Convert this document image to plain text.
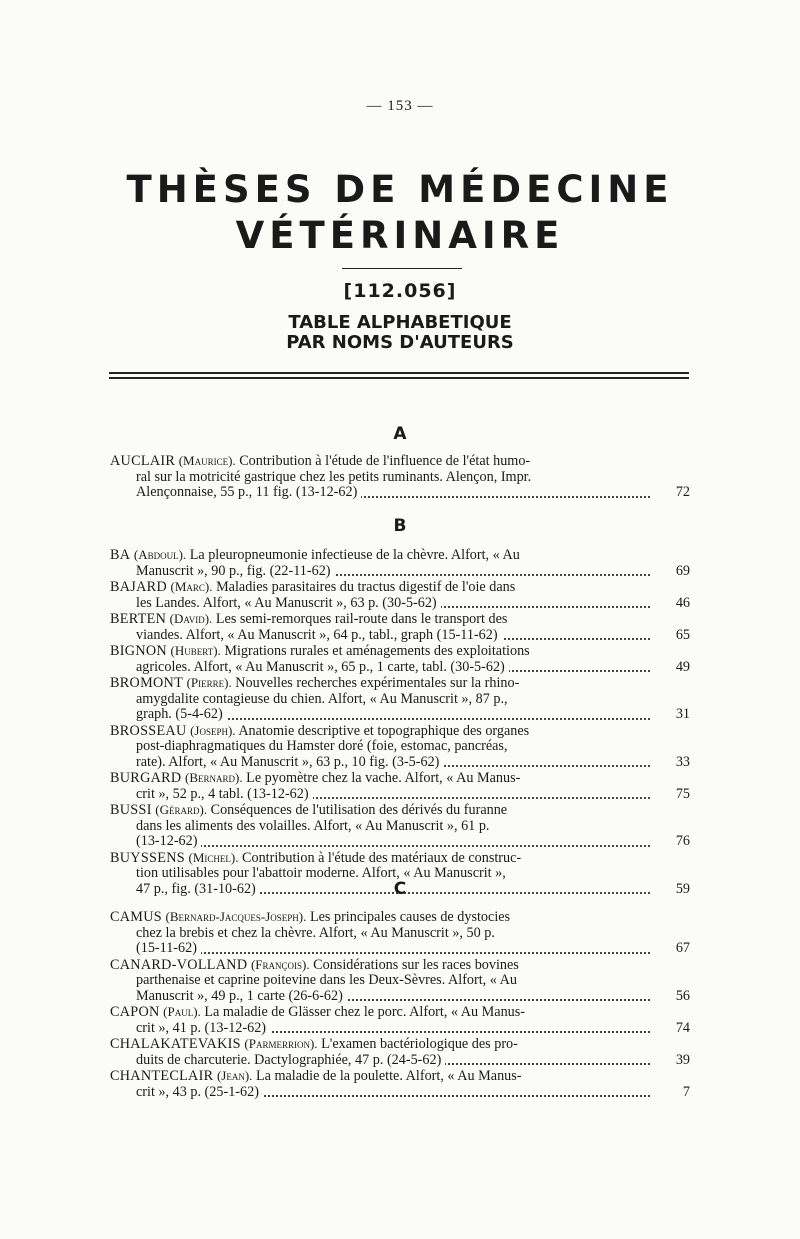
— 153 —
THÈSES DE MÉDECINE
VÉTÉRINAIRE
[112.056]
TABLE ALPHABETIQUE
PAR NOMS D'AUTEURS
A
AUCLAIR (Maurice). Contribution à l'étude de l'influence de l'état humo-
ral sur la motricité gastrique chez les petits ruminants. Alençon, Impr.
Alençonnaise, 55 p., 11 fig. (13-12-62)	72
B
BA (Abdoul). La pleuropneumonie infectieuse de la chèvre. Alfort, « Au
Manuscrit », 90 p., fig. (22-11-62)	69
BAJARD (Marc). Maladies parasitaires du tractus digestif de l'oie dans
les Landes. Alfort, « Au Manuscrit », 63 p. (30-5-62)	46
BERTEN (David). Les semi-remorques rail-route dans le transport des
viandes. Alfort, « Au Manuscrit », 64 p., tabl., graph (15-11-62)	65
BIGNON (Hubert). Migrations rurales et aménagements des exploitations
agricoles. Alfort, « Au Manuscrit », 65 p., 1 carte, tabl. (30-5-62)	49
BROMONT (Pierre). Nouvelles recherches expérimentales sur la rhino-
amygdalite contagieuse du chien. Alfort, « Au Manuscrit », 87 p.,
graph. (5-4-62)	31
BROSSEAU (Joseph). Anatomie descriptive et topographique des organes
post-diaphragmatiques du Hamster doré (foie, estomac, pancréas,
rate). Alfort, « Au Manuscrit », 63 p., 10 fig. (3-5-62)	33
BURGARD (Bernard). Le pyomètre chez la vache. Alfort, « Au Manus-
crit », 52 p., 4 tabl. (13-12-62)	75
BUSSI (Gérard). Conséquences de l'utilisation des dérivés du furanne
dans les aliments des volailles. Alfort, « Au Manuscrit », 61 p.
(13-12-62)	76
BUYSSENS (Michel). Contribution à l'étude des matériaux de construc-
tion utilisables pour l'abattoir moderne. Alfort, « Au Manuscrit »,
47 p., fig. (31-10-62)	59
C
CAMUS (Bernard-Jacques-Joseph). Les principales causes de dystocies
chez la brebis et chez la chèvre. Alfort, « Au Manuscrit », 50 p.
(15-11-62)	67
CANARD-VOLLAND (François). Considérations sur les races bovines
parthenaise et caprine poitevine dans les Deux-Sèvres. Alfort, « Au
Manuscrit », 49 p., 1 carte (26-6-62)	56
CAPON (Paul). La maladie de Glässer chez le porc. Alfort, « Au Manus-
crit », 41 p. (13-12-62)	74
CHALAKATEVAKIS (Parmerrion). L'examen bactériologique des pro-
duits de charcuterie. Dactylographiée, 47 p. (24-5-62)	39
CHANTECLAIR (Jean). La maladie de la poulette. Alfort, « Au Manus-
crit », 43 p. (25-1-62)	7
